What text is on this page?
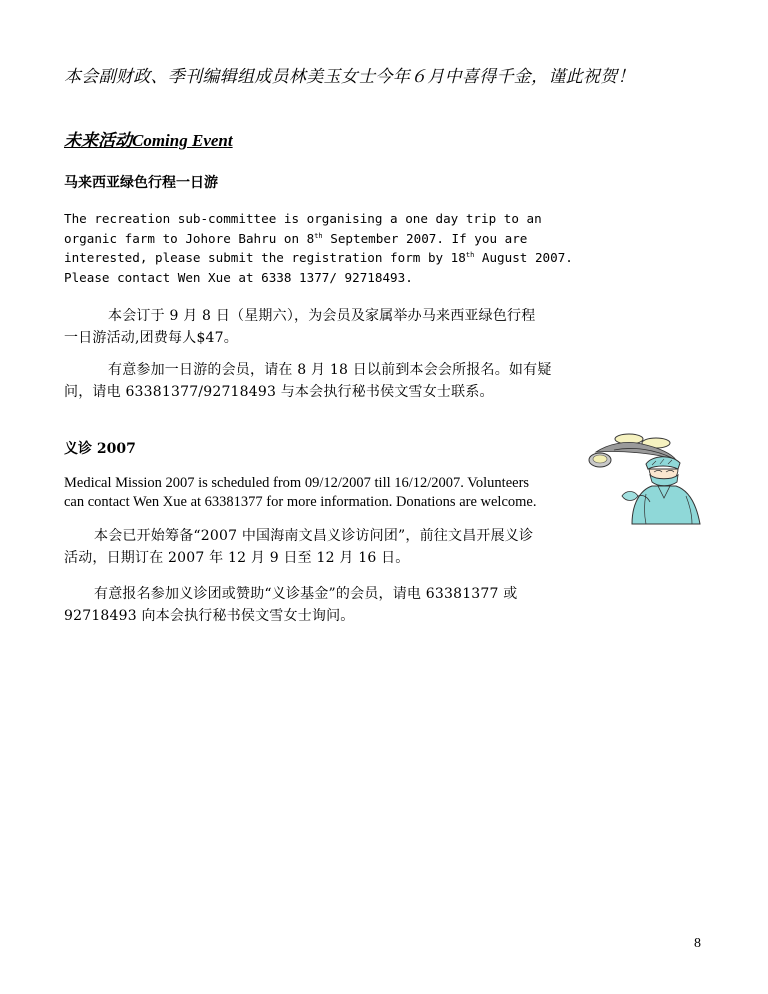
本会副财政、季刊编辑组成员林美玉女士今年６月中喜得千金，谨此祝贺！
未来活动Coming Event
马来西亚绿色行程一日游
The recreation sub-committee is organising a one day trip to an
organic farm to Johore Bahru on 8th September 2007. If you are
interested, please submit the registration form by 18th August 2007.
Please contact Wen Xue at 6338 1377/ 92718493.
本会订于 9 月 8 日（星期六），为会员及家属举办马来西亚绿色行程
一日游活动,团费每人$47。
有意参加一日游的会员，请在 8 月 18 日以前到本会会所报名。如有疑
问，请电 63381377/92718493 与本会执行秘书侯文雪女士联系。
义诊 2007
Medical Mission 2007 is scheduled from 09/12/2007 till 16/12/2007. Volunteers
can contact Wen Xue at 63381377 for more information. Donations are welcome.
本会已开始筹备“2007 中国海南文昌义诊访问团”，前往文昌开展义诊
活动，日期订在 2007 年 12 月 9 日至 12 月 16 日。
有意报名参加义诊团或赞助“义诊基金”的会员，请电 63381377 或
92718493 向本会执行秘书侯文雪女士询问。
8
